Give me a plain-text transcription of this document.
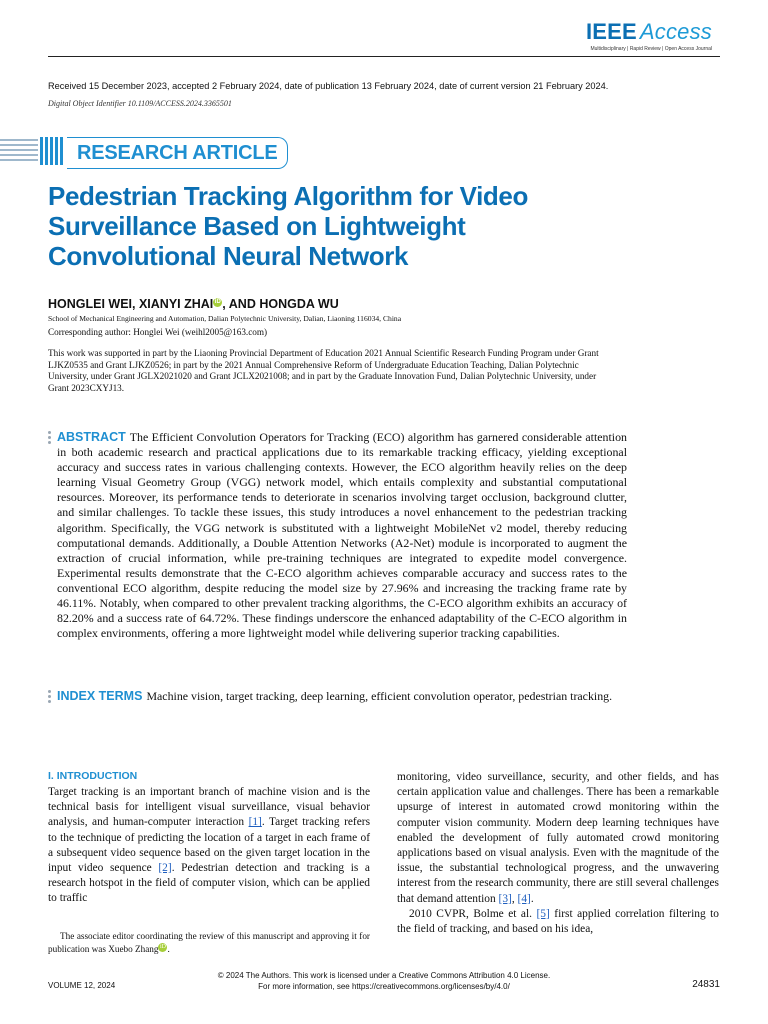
IEEE Access
Multidisciplinary | Rapid Review | Open Access Journal
Received 15 December 2023, accepted 2 February 2024, date of publication 13 February 2024, date of current version 21 February 2024.
Digital Object Identifier 10.1109/ACCESS.2024.3365501
RESEARCH ARTICLE
Pedestrian Tracking Algorithm for Video
Surveillance Based on Lightweight
Convolutional Neural Network
HONGLEI WEI, XIANYI ZHAI iD , AND HONGDA WU
School of Mechanical Engineering and Automation, Dalian Polytechnic University, Dalian, Liaoning 116034, China
Corresponding author: Honglei Wei (weihl2005@163.com)
This work was supported in part by the Liaoning Provincial Department of Education 2021 Annual Scientific Research Funding Program under Grant LJKZ0535 and Grant LJKZ0526; in part by the 2021 Annual Comprehensive Reform of Undergraduate Education Teaching, Dalian Polytechnic University, under Grant JGLX2021020 and Grant JCLX2021008; and in part by the Graduate Innovation Fund, Dalian Polytechnic University, under Grant 2023CXYJ13.
ABSTRACT The Efficient Convolution Operators for Tracking (ECO) algorithm has garnered considerable attention in both academic research and practical applications due to its remarkable tracking efficacy, yielding exceptional accuracy and success rates in various challenging contexts. However, the ECO algorithm heavily relies on the deep learning Visual Geometry Group (VGG) network model, which entails complexity and substantial computational resources. Moreover, its performance tends to deteriorate in scenarios involving target occlusion, background clutter, and similar challenges. To tackle these issues, this study introduces a novel enhancement to the pedestrian tracking algorithm. Specifically, the VGG network is substituted with a lightweight MobileNet v2 model, thereby reducing computational demands. Additionally, a Double Attention Networks (A2-Net) module is incorporated to augment the extraction of crucial information, while pre-training techniques are integrated to expedite model convergence. Experimental results demonstrate that the C-ECO algorithm achieves comparable accuracy and success rates to the conventional ECO algorithm, despite reducing the model size by 27.96% and increasing the tracking frame rate by 46.11%. Notably, when compared to other prevalent tracking algorithms, the C-ECO algorithm exhibits an accuracy of 82.20% and a success rate of 64.72%. These findings underscore the enhanced adaptability of the C-ECO algorithm in complex environments, offering a more lightweight model while delivering superior tracking capabilities.
INDEX TERMS Machine vision, target tracking, deep learning, efficient convolution operator, pedestrian tracking.
I. INTRODUCTION
Target tracking is an important branch of machine vision and is the technical basis for intelligent visual surveillance, visual behavior analysis, and human-computer interaction [1]. Target tracking refers to the technique of predicting the location of a target in each frame of a subsequent video sequence based on the given target location in the input video sequence [2]. Pedestrian detection and tracking is a research hotspot in the field of computer vision, which can be applied to traffic
The associate editor coordinating the review of this manuscript and approving it for publication was Xuebo Zhang iD .

monitoring, video surveillance, security, and other fields, and has certain application value and challenges. There has been a remarkable upsurge of interest in automated crowd monitoring within the computer vision community. Modern deep learning techniques have enabled the development of fully automated crowd monitoring applications based on visual analysis. Even with the magnitude of the issue, the substantial technological progress, and the unwavering interest from the research community, there are still several challenges that demand attention [3], [4].

2010 CVPR, Bolme et al. [5] first applied correlation filtering to the field of tracking, and based on his idea,

© 2024 The Authors. This work is licensed under a Creative Commons Attribution 4.0 License.
For more information, see https://creativecommons.org/licenses/by/4.0/
VOLUME 12, 2024	24831
